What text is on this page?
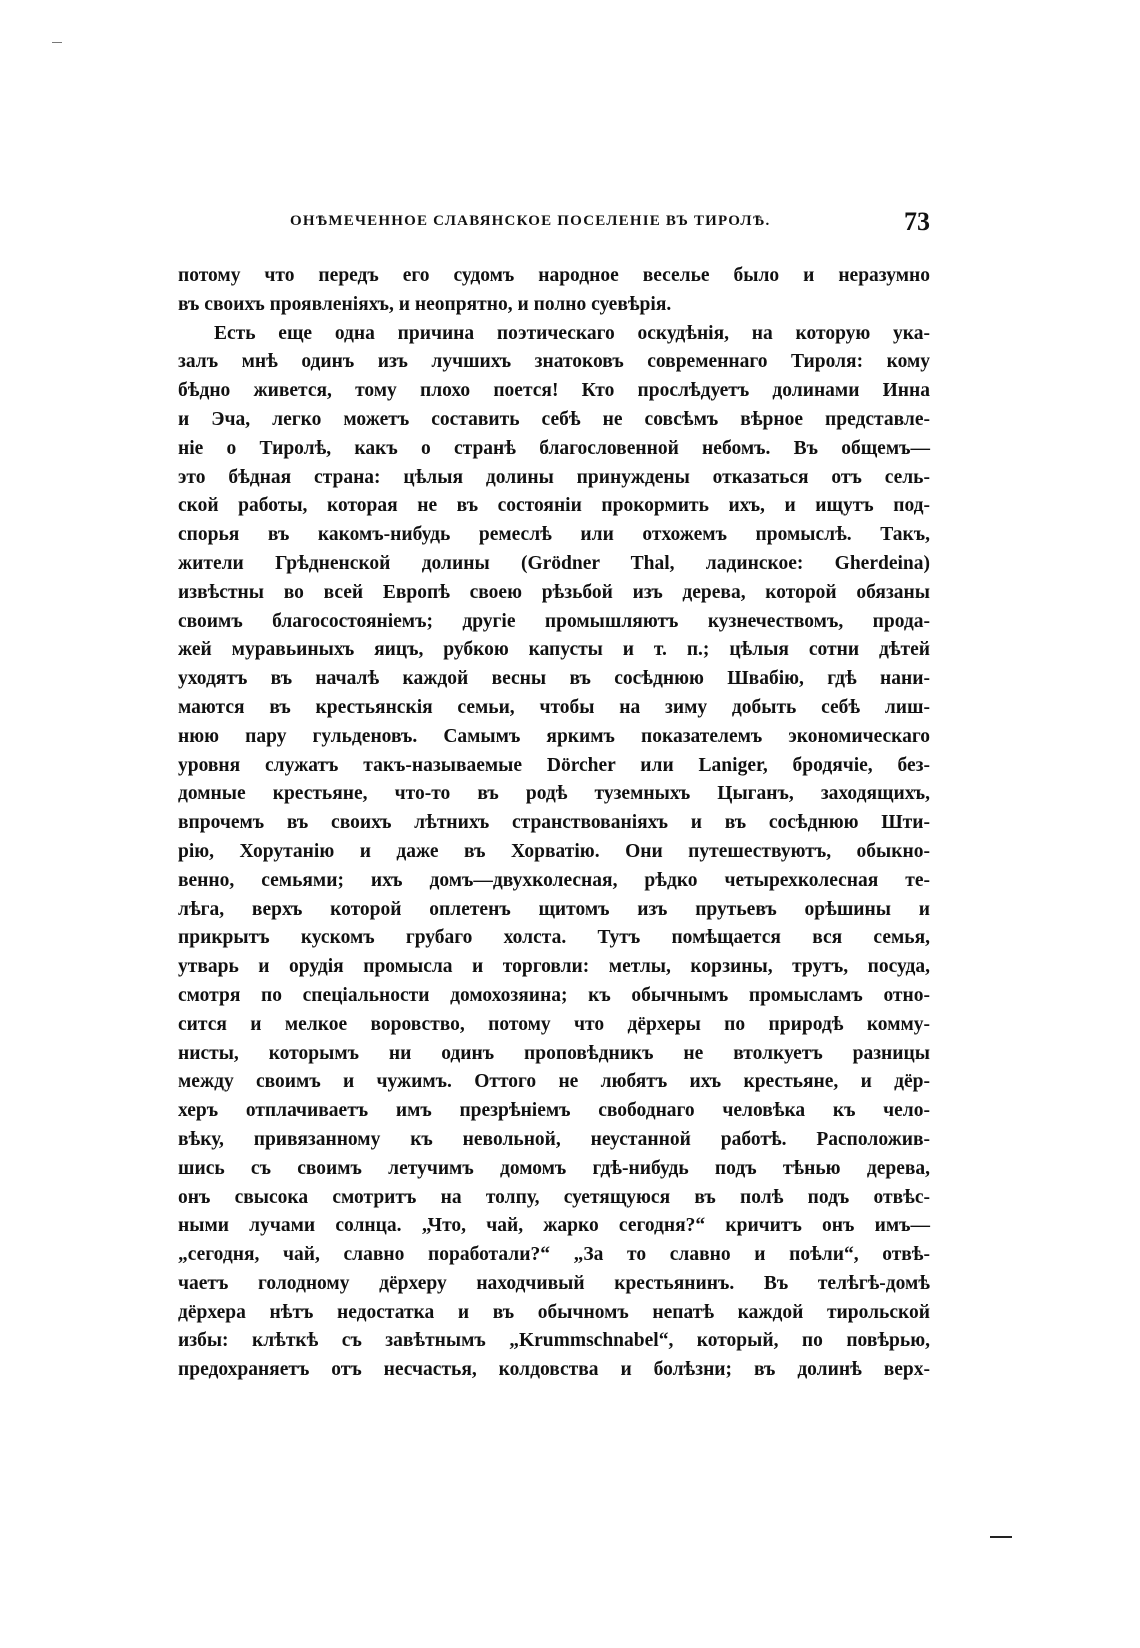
ОНѢМЕЧЕННОЕ СЛАВЯНСКОЕ ПОСЕЛЕНІЕ ВЪ ТИРОЛѢ.	73
потому что передъ его судомъ народное веселье было и неразумно
въ своихъ проявленіяхъ, и неопрятно, и полно суевѣрія.
Есть еще одна причина поэтическаго оскудѣнія, на которую ука-
залъ мнѣ одинъ изъ лучшихъ знатоковъ современнаго Тироля: кому
бѣдно живется, тому плохо поется! Кто прослѣдуетъ долинами Инна
и Эча, легко можетъ составить себѣ не совсѣмъ вѣрное представле-
ніе о Тиролѣ, какъ о странѣ благословенной небомъ. Въ общемъ—
это бѣдная страна: цѣлыя долины принуждены отказаться отъ сель-
ской работы, которая не въ состояніи прокормить ихъ, и ищутъ под-
спорья въ какомъ-нибудь ремеслѣ или отхожемъ промыслѣ. Такъ,
жители Грѣдненской долины (Grödner Thal, ладинское: Gherdeina)
извѣстны во всей Европѣ своею рѣзьбой изъ дерева, которой обязаны
своимъ благосостояніемъ; другіе промышляютъ кузнечествомъ, прода-
жей муравьиныхъ яицъ, рубкою капусты и т. п.; цѣлыя сотни дѣтей
уходятъ въ началѣ каждой весны въ сосѣднюю Швабію, гдѣ нани-
маются въ крестьянскія семьи, чтобы на зиму добыть себѣ лиш-
нюю пару гульденовъ. Самымъ яркимъ показателемъ экономическаго
уровня служатъ такъ-называемые Dörcher или Laniger, бродячіе, без-
домные крестьяне, что-то въ родѣ туземныхъ Цыганъ, заходящихъ,
впрочемъ въ своихъ лѣтнихъ странствованіяхъ и въ сосѣднюю Шти-
рію, Хорутанію и даже въ Хорватію. Они путешествуютъ, обыкно-
венно, семьями; ихъ домъ—двухколесная, рѣдко четырехколесная те-
лѣга, верхъ которой оплетенъ щитомъ изъ прутьевъ орѣшины и
прикрытъ кускомъ грубаго холста. Тутъ помѣщается вся семья,
утварь и орудія промысла и торговли: метлы, корзины, трутъ, посуда,
смотря по спеціальности домохозяина; къ обычнымъ промысламъ отно-
сится и мелкое воровство, потому что дёрхеры по природѣ комму-
нисты, которымъ ни одинъ проповѣдникъ не втолкуетъ разницы
между своимъ и чужимъ. Оттого не любятъ ихъ крестьяне, и дёр-
херъ отплачиваетъ имъ презрѣніемъ свободнаго человѣка къ чело-
вѣку, привязанному къ невольной, неустанной работѣ. Расположив-
шись съ своимъ летучимъ домомъ гдѣ-нибудь подъ тѣнью дерева,
онъ свысока смотритъ на толпу, суетящуюся въ полѣ подъ отвѣс-
ными лучами солнца. „Что, чай, жарко сегодня?“ кричитъ онъ имъ—
„сегодня, чай, славно поработали?“ „За то славно и поѣли“, отвѣ-
чаетъ голодному дёрхеру находчивый крестьянинъ. Въ телѣгѣ-домѣ
дёрхера нѣтъ недостатка и въ обычномъ непатѣ каждой тирольской
избы: клѣткѣ съ завѣтнымъ „Krummschnabel“, который, по повѣрью,
предохраняетъ отъ несчастья, колдовства и болѣзни; въ долинѣ верх-
